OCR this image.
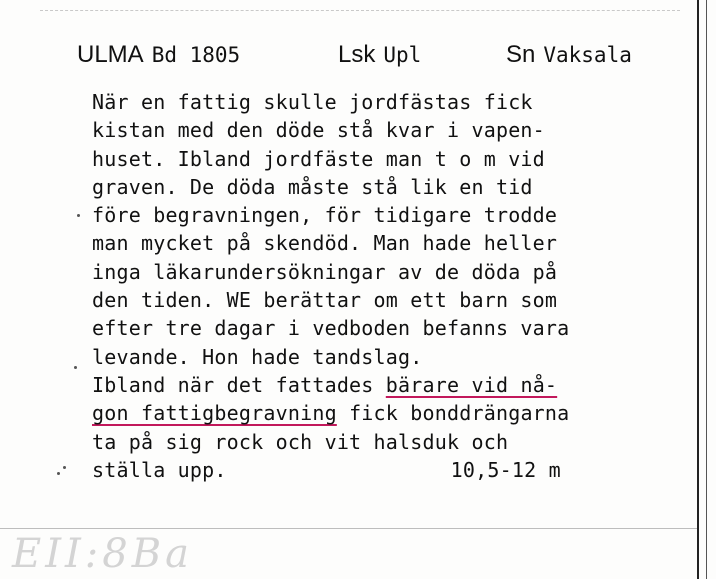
ULMA Bd 1805	Lsk Upl	Sn Vaksala
När en fattig skulle jordfästas fick
kistan med den döde stå kvar i vapen-
huset. Ibland jordfäste man t o m vid
graven. De döda måste stå lik en tid
före begravningen, för tidigare trodde
man mycket på skendöd. Man hade heller
inga läkarundersökningar av de döda på
den tiden. WE berättar om ett barn som
efter tre dagar i vedboden befanns vara
levande. Hon hade tandslag.
Ibland när det fattades bärare vid nå-
gon fattigbegravning fick bonddrängarna
ta på sig rock och vit halsduk och
ställa upp.	10,5-12 m
EII:8Ba
